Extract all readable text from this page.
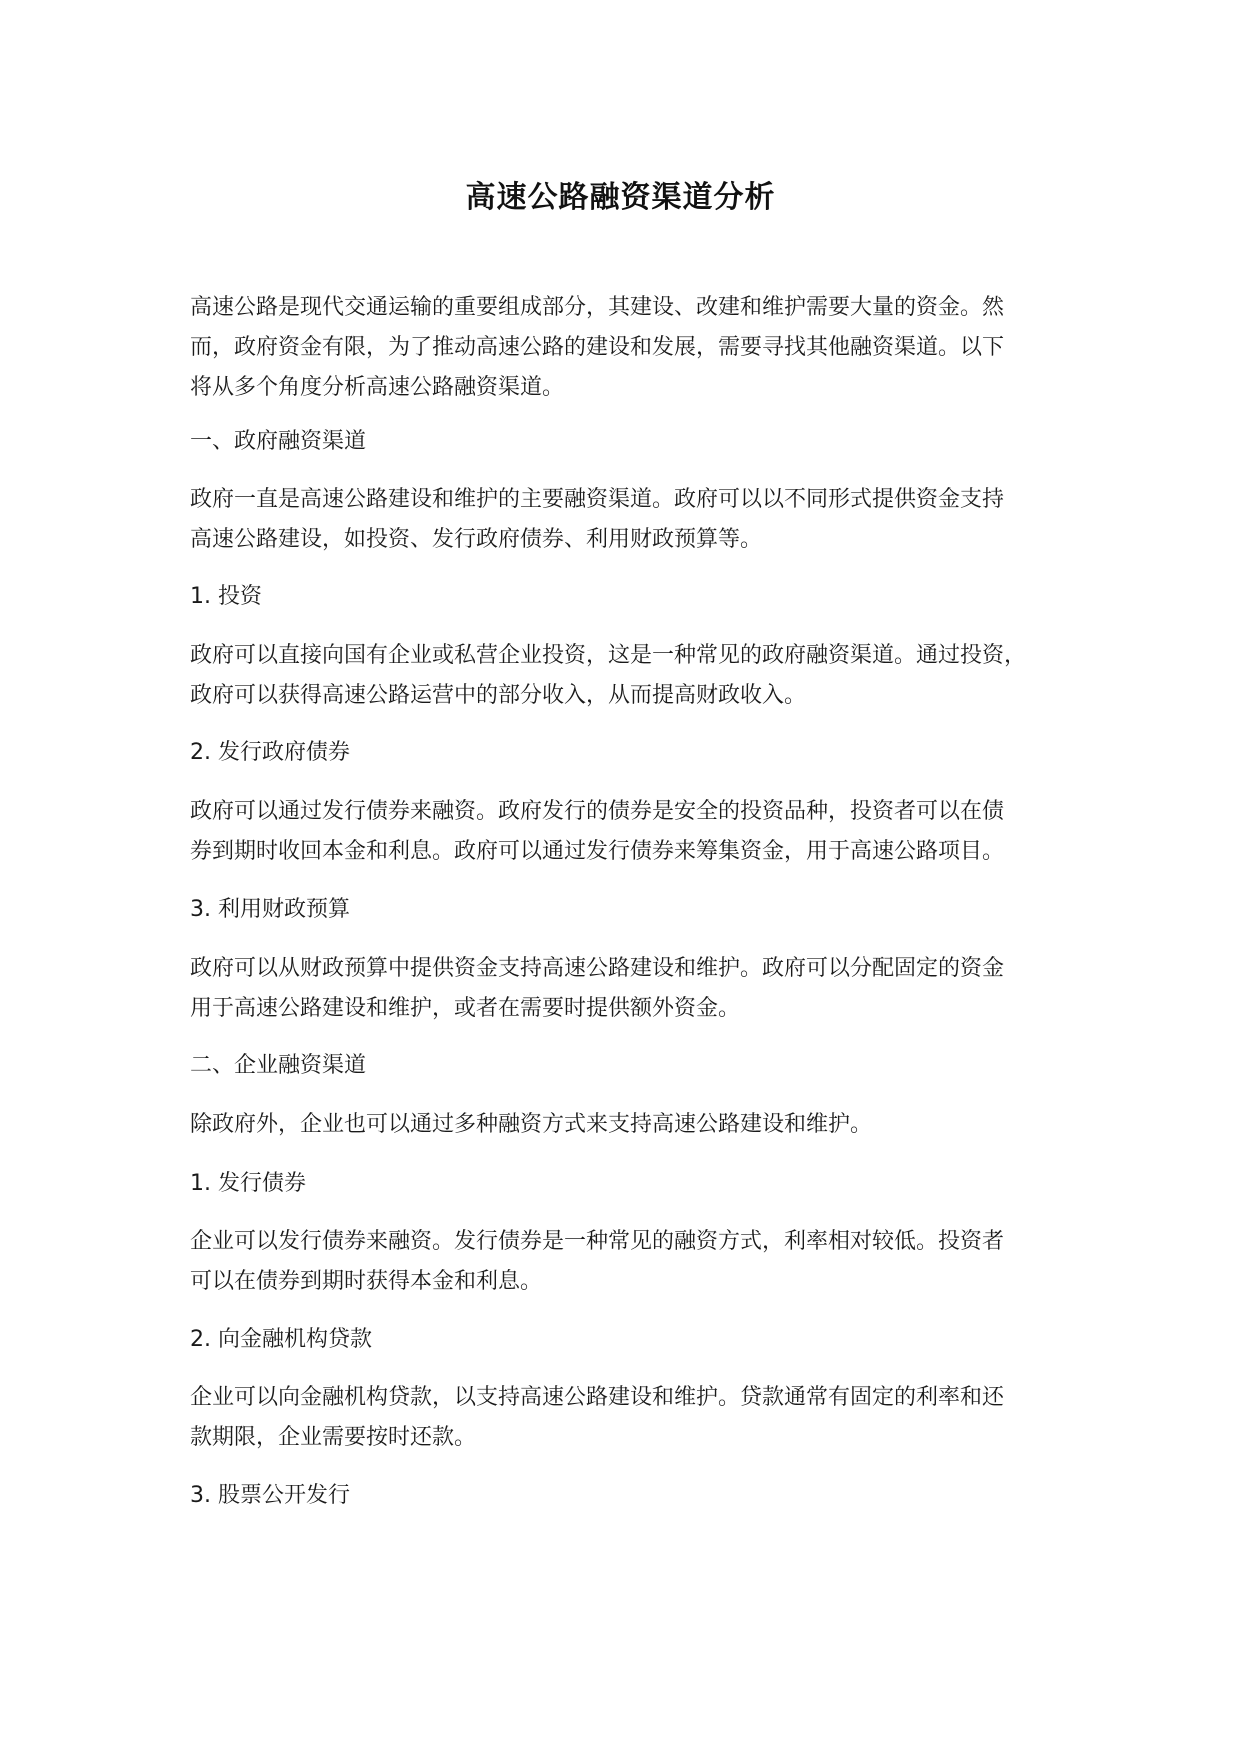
高速公路融资渠道分析
高速公路是现代交通运输的重要组成部分，其建设、改建和维护需要大量的资金。然
而，政府资金有限，为了推动高速公路的建设和发展，需要寻找其他融资渠道。以下
将从多个角度分析高速公路融资渠道。
一、政府融资渠道
政府一直是高速公路建设和维护的主要融资渠道。政府可以以不同形式提供资金支持
高速公路建设，如投资、发行政府债券、利用财政预算等。
1. 投资
政府可以直接向国有企业或私营企业投资，这是一种常见的政府融资渠道。通过投资，
政府可以获得高速公路运营中的部分收入，从而提高财政收入。
2. 发行政府债券
政府可以通过发行债券来融资。政府发行的债券是安全的投资品种，投资者可以在债
券到期时收回本金和利息。政府可以通过发行债券来筹集资金，用于高速公路项目。
3. 利用财政预算
政府可以从财政预算中提供资金支持高速公路建设和维护。政府可以分配固定的资金
用于高速公路建设和维护，或者在需要时提供额外资金。
二、企业融资渠道
除政府外，企业也可以通过多种融资方式来支持高速公路建设和维护。
1. 发行债券
企业可以发行债券来融资。发行债券是一种常见的融资方式，利率相对较低。投资者
可以在债券到期时获得本金和利息。
2. 向金融机构贷款
企业可以向金融机构贷款，以支持高速公路建设和维护。贷款通常有固定的利率和还
款期限，企业需要按时还款。
3. 股票公开发行
